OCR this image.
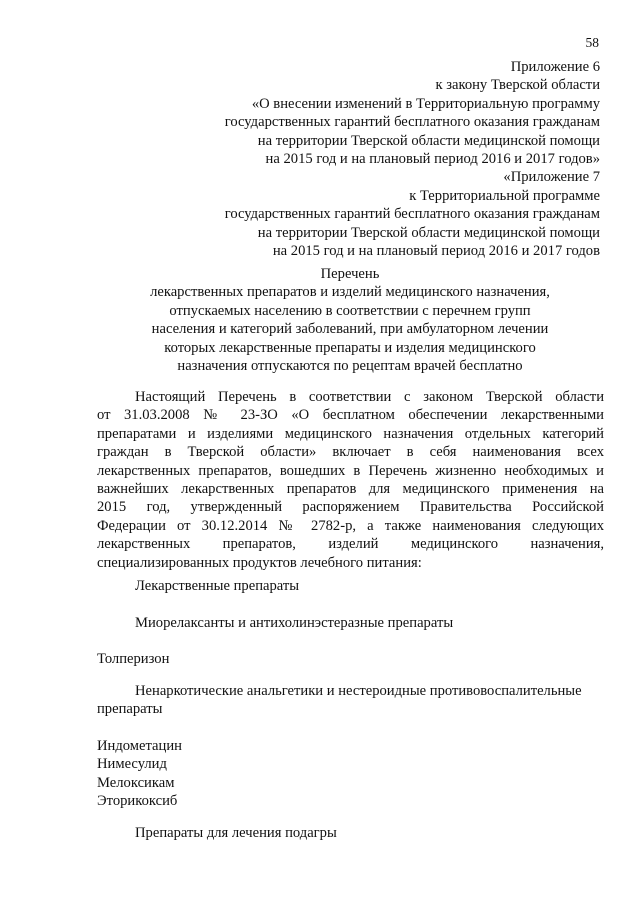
58
Приложение 6
к закону Тверской области
«О внесении изменений в Территориальную программу
государственных гарантий бесплатного оказания гражданам
на территории Тверской области медицинской помощи
на 2015 год и на плановый период 2016 и 2017 годов»
«Приложение 7
к Территориальной программе
государственных гарантий бесплатного оказания гражданам
на территории Тверской области медицинской помощи
на 2015 год и на плановый период 2016 и 2017 годов
Перечень
лекарственных препаратов и изделий медицинского назначения,
отпускаемых населению в соответствии с перечнем групп
населения и категорий заболеваний, при амбулаторном лечении
которых лекарственные препараты и изделия медицинского
назначения отпускаются по рецептам врачей бесплатно
Настоящий Перечень в соответствии с законом Тверской области
от 31.03.2008 № 23-ЗО «О бесплатном обеспечении лекарственными
препаратами и изделиями медицинского назначения отдельных категорий
граждан в Тверской области» включает в себя наименования всех
лекарственных препаратов, вошедших в Перечень жизненно необходимых и
важнейших лекарственных препаратов для медицинского применения на
2015 год, утвержденный распоряжением Правительства Российской
Федерации от 30.12.2014 № 2782-р, а также наименования следующих
лекарственных препаратов, изделий медицинского назначения,
специализированных продуктов лечебного питания:
Лекарственные препараты
Миорелаксанты и антихолинэстеразные препараты
Толперизон
Ненаркотические анальгетики и нестероидные противовоспалительные
препараты
Индометацин
Нимесулид
Мелоксикам
Эторикоксиб
Препараты для лечения подагры
